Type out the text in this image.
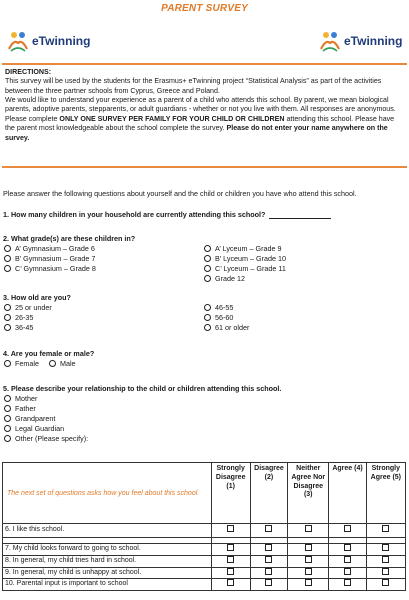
PARENT SURVEY
eTwinning	eTwinning
DIRECTIONS:
This survey will be used by the students for the Erasmus+ eTwinning project “Statistical Analysis” as part of the activities between the three partner schools from Cyprus, Greece and Poland.
We would like to understand your experience as a parent of a child who attends this school. By parent, we mean biological parents, adoptive parents, stepparents, or adult guardians - whether or not you live with them. All responses are anonymous. Please complete ONLY ONE SURVEY PER FAMILY FOR YOUR CHILD OR CHILDREN attending this school. Please have the parent most knowledgeable about the school complete the survey. Please do not enter your name anywhere on the survey.
Please answer the following questions about yourself and the child or children you have who attend this school.
1. How many children in your household are currently attending this school?
2. What grade(s) are these children in?
A’ Gymnasium – Grade 6
B’ Gymnasium – Grade 7
C’ Gymnasium – Grade 8
A’ Lyceum – Grade 9
B’ Lyceum – Grade 10
C’ Lyceum – Grade 11
Grade 12
3. How old are you?
25 or under
26-35
36-45
46-55
56-60
61 or older
4. Are you female or male?
Female	Male
5. Please describe your relationship to the child or children attending this school.
Mother
Father
Grandparent
Legal Guardian
Other (Please specify):
The next set of questions asks how you feel about this school.	Strongly Disagree (1)	Disagree (2)	Neither Agree Nor Disagree (3)	Agree (4)	Strongly Agree (5)
6. I like this school.					

7. My child looks forward to going to school.					
8. In general, my child tries hard in school.					
9. In general, my child is unhappy at school.					
10. Parental input is important to school					
